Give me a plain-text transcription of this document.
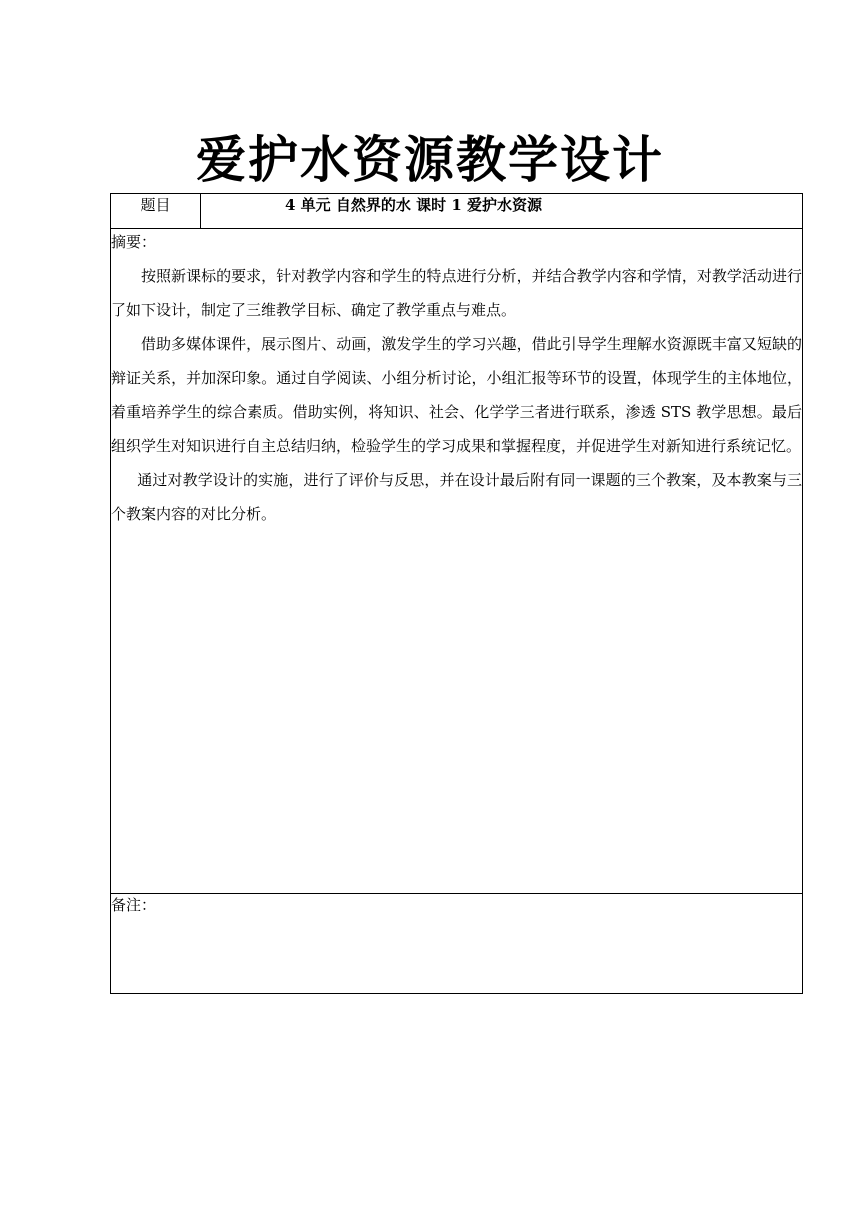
爱护水资源教学设计
题目	4 单元 自然界的水 课时 1 爱护水资源

摘要：

按照新课标的要求，针对教学内容和学生的特点进行分析，并结合教学内容和学情，对教学活动进行了如下设计，制定了三维教学目标、确定了教学重点与难点。

借助多媒体课件，展示图片、动画，激发学生的学习兴趣，借此引导学生理解水资源既丰富又短缺的辩证关系，并加深印象。通过自学阅读、小组分析讨论，小组汇报等环节的设置，体现学生的主体地位，着重培养学生的综合素质。借助实例，将知识、社会、化学学三者进行联系，渗透 STS 教学思想。最后组织学生对知识进行自主总结归纳，检验学生的学习成果和掌握程度，并促进学生对新知进行系统记忆。

通过对教学设计的实施，进行了评价与反思，并在设计最后附有同一课题的三个教案，及本教案与三个教案内容的对比分析。

备注：
